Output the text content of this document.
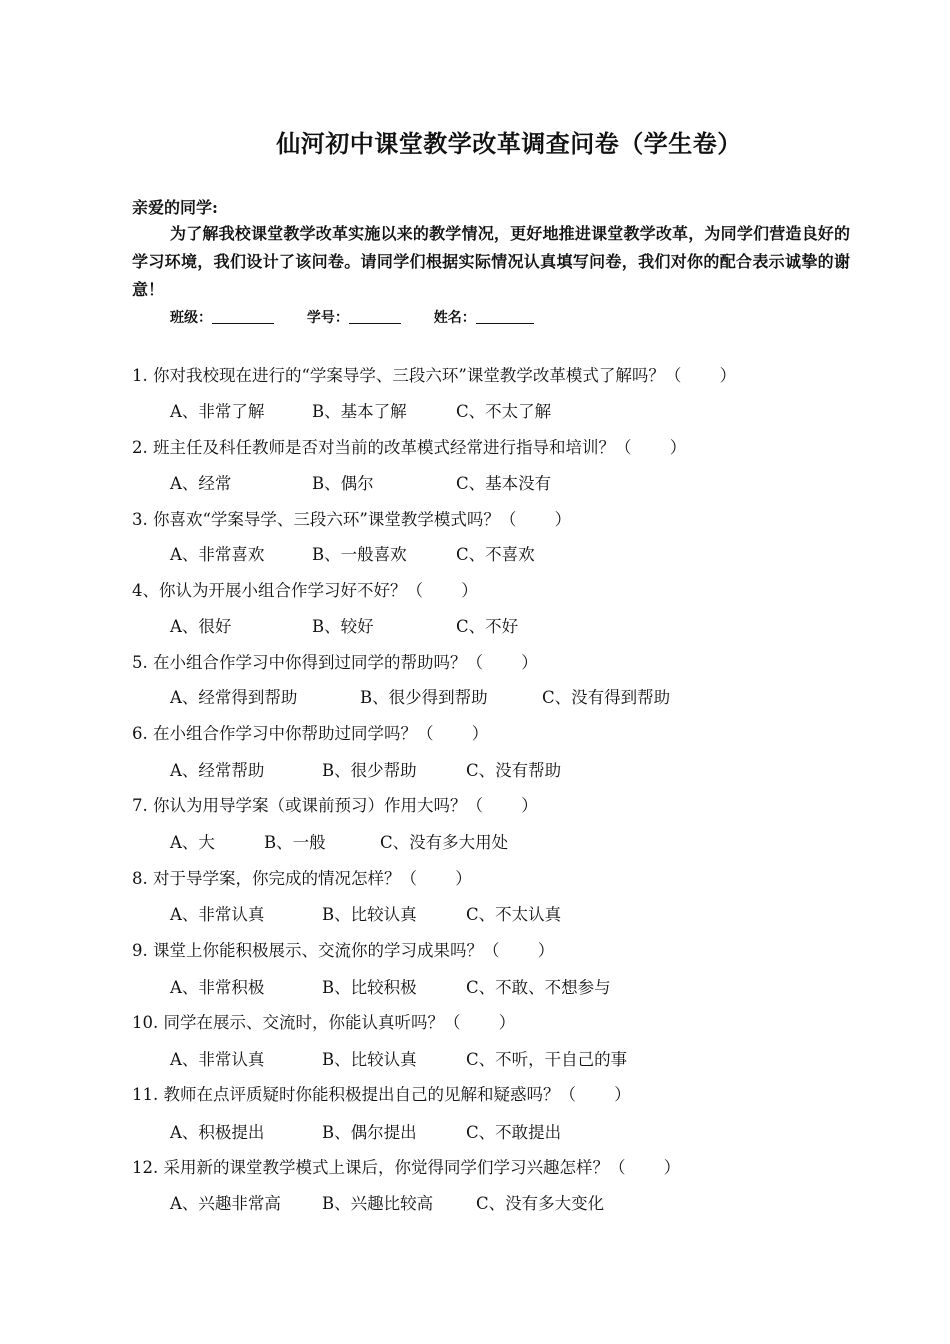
仙河初中课堂教学改革调查问卷（学生卷）
亲爱的同学:
为了解我校课堂教学改革实施以来的教学情况，更好地推进课堂教学改革，为同学们营造良好的学习环境，我们设计了该问卷。请同学们根据实际情况认真填写问卷，我们对你的配合表示诚挚的谢意！
班级：	学号：	姓名：
1. 你对我校现在进行的“学案导学、三段六环”课堂教学改革模式了解吗？（　　 ）
A、非常了解	B、基本了解	C、不太了解
2. 班主任及科任教师是否对当前的改革模式经常进行指导和培训？（　　 ）
A、经常	B、偶尔	C、基本没有
3. 你喜欢“学案导学、三段六环”课堂教学模式吗？（　　 ）
A、非常喜欢	B、一般喜欢	C、不喜欢
4、你认为开展小组合作学习好不好？（　　 ）
A、很好	B、较好	C、不好
5. 在小组合作学习中你得到过同学的帮助吗？（　　 ）
A、经常得到帮助	B、很少得到帮助	C、没有得到帮助
6. 在小组合作学习中你帮助过同学吗？（　　 ）
A、经常帮助	B、很少帮助	C、没有帮助
7. 你认为用导学案（或课前预习）作用大吗？（　　 ）
A、大	B、一般	C、没有多大用处
8. 对于导学案，你完成的情况怎样？（　　 ）
A、非常认真	B、比较认真	C、不太认真
9. 课堂上你能积极展示、交流你的学习成果吗？（　　 ）
A、非常积极	B、比较积极	C、不敢、不想参与
10. 同学在展示、交流时，你能认真听吗？（　　 ）
A、非常认真	B、比较认真	C、不听，干自己的事
11. 教师在点评质疑时你能积极提出自己的见解和疑惑吗？（　　 ）
A、积极提出	B、偶尔提出	C、不敢提出
12. 采用新的课堂教学模式上课后，你觉得同学们学习兴趣怎样？（　　 ）
A、兴趣非常高 B、兴趣比较高	C、没有多大变化
